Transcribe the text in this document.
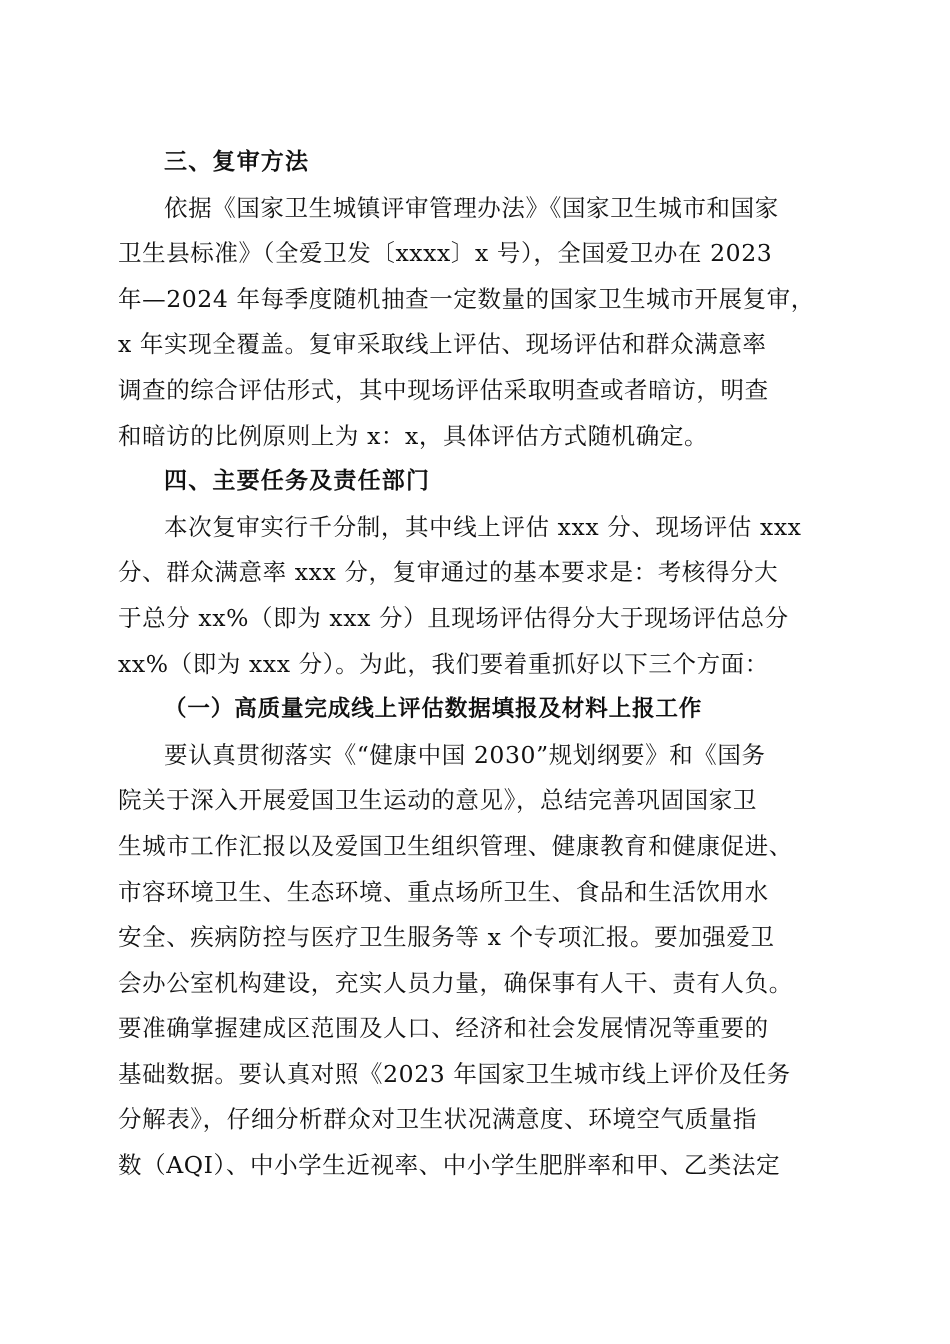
三、复审方法
依据《国家卫生城镇评审管理办法》《国家卫生城市和国家
卫生县标准》（全爱卫发〔xxxx〕x 号），全国爱卫办在 2023
年—2024 年每季度随机抽查一定数量的国家卫生城市开展复审，
x 年实现全覆盖。复审采取线上评估、现场评估和群众满意率
调查的综合评估形式，其中现场评估采取明查或者暗访，明查
和暗访的比例原则上为 x：x，具体评估方式随机确定。
四、主要任务及责任部门
本次复审实行千分制，其中线上评估 xxx 分、现场评估 xxx
分、群众满意率 xxx 分，复审通过的基本要求是：考核得分大
于总分 xx%（即为 xxx 分）且现场评估得分大于现场评估总分
xx%（即为 xxx 分）。为此，我们要着重抓好以下三个方面：
（一）高质量完成线上评估数据填报及材料上报工作
要认真贯彻落实《“健康中国 2030”规划纲要》和《国务
院关于深入开展爱国卫生运动的意见》，总结完善巩固国家卫
生城市工作汇报以及爱国卫生组织管理、健康教育和健康促进、
市容环境卫生、生态环境、重点场所卫生、食品和生活饮用水
安全、疾病防控与医疗卫生服务等 x 个专项汇报。要加强爱卫
会办公室机构建设，充实人员力量，确保事有人干、责有人负。
要准确掌握建成区范围及人口、经济和社会发展情况等重要的
基础数据。要认真对照《2023 年国家卫生城市线上评价及任务
分解表》，仔细分析群众对卫生状况满意度、环境空气质量指
数（AQI）、中小学生近视率、中小学生肥胖率和甲、乙类法定
